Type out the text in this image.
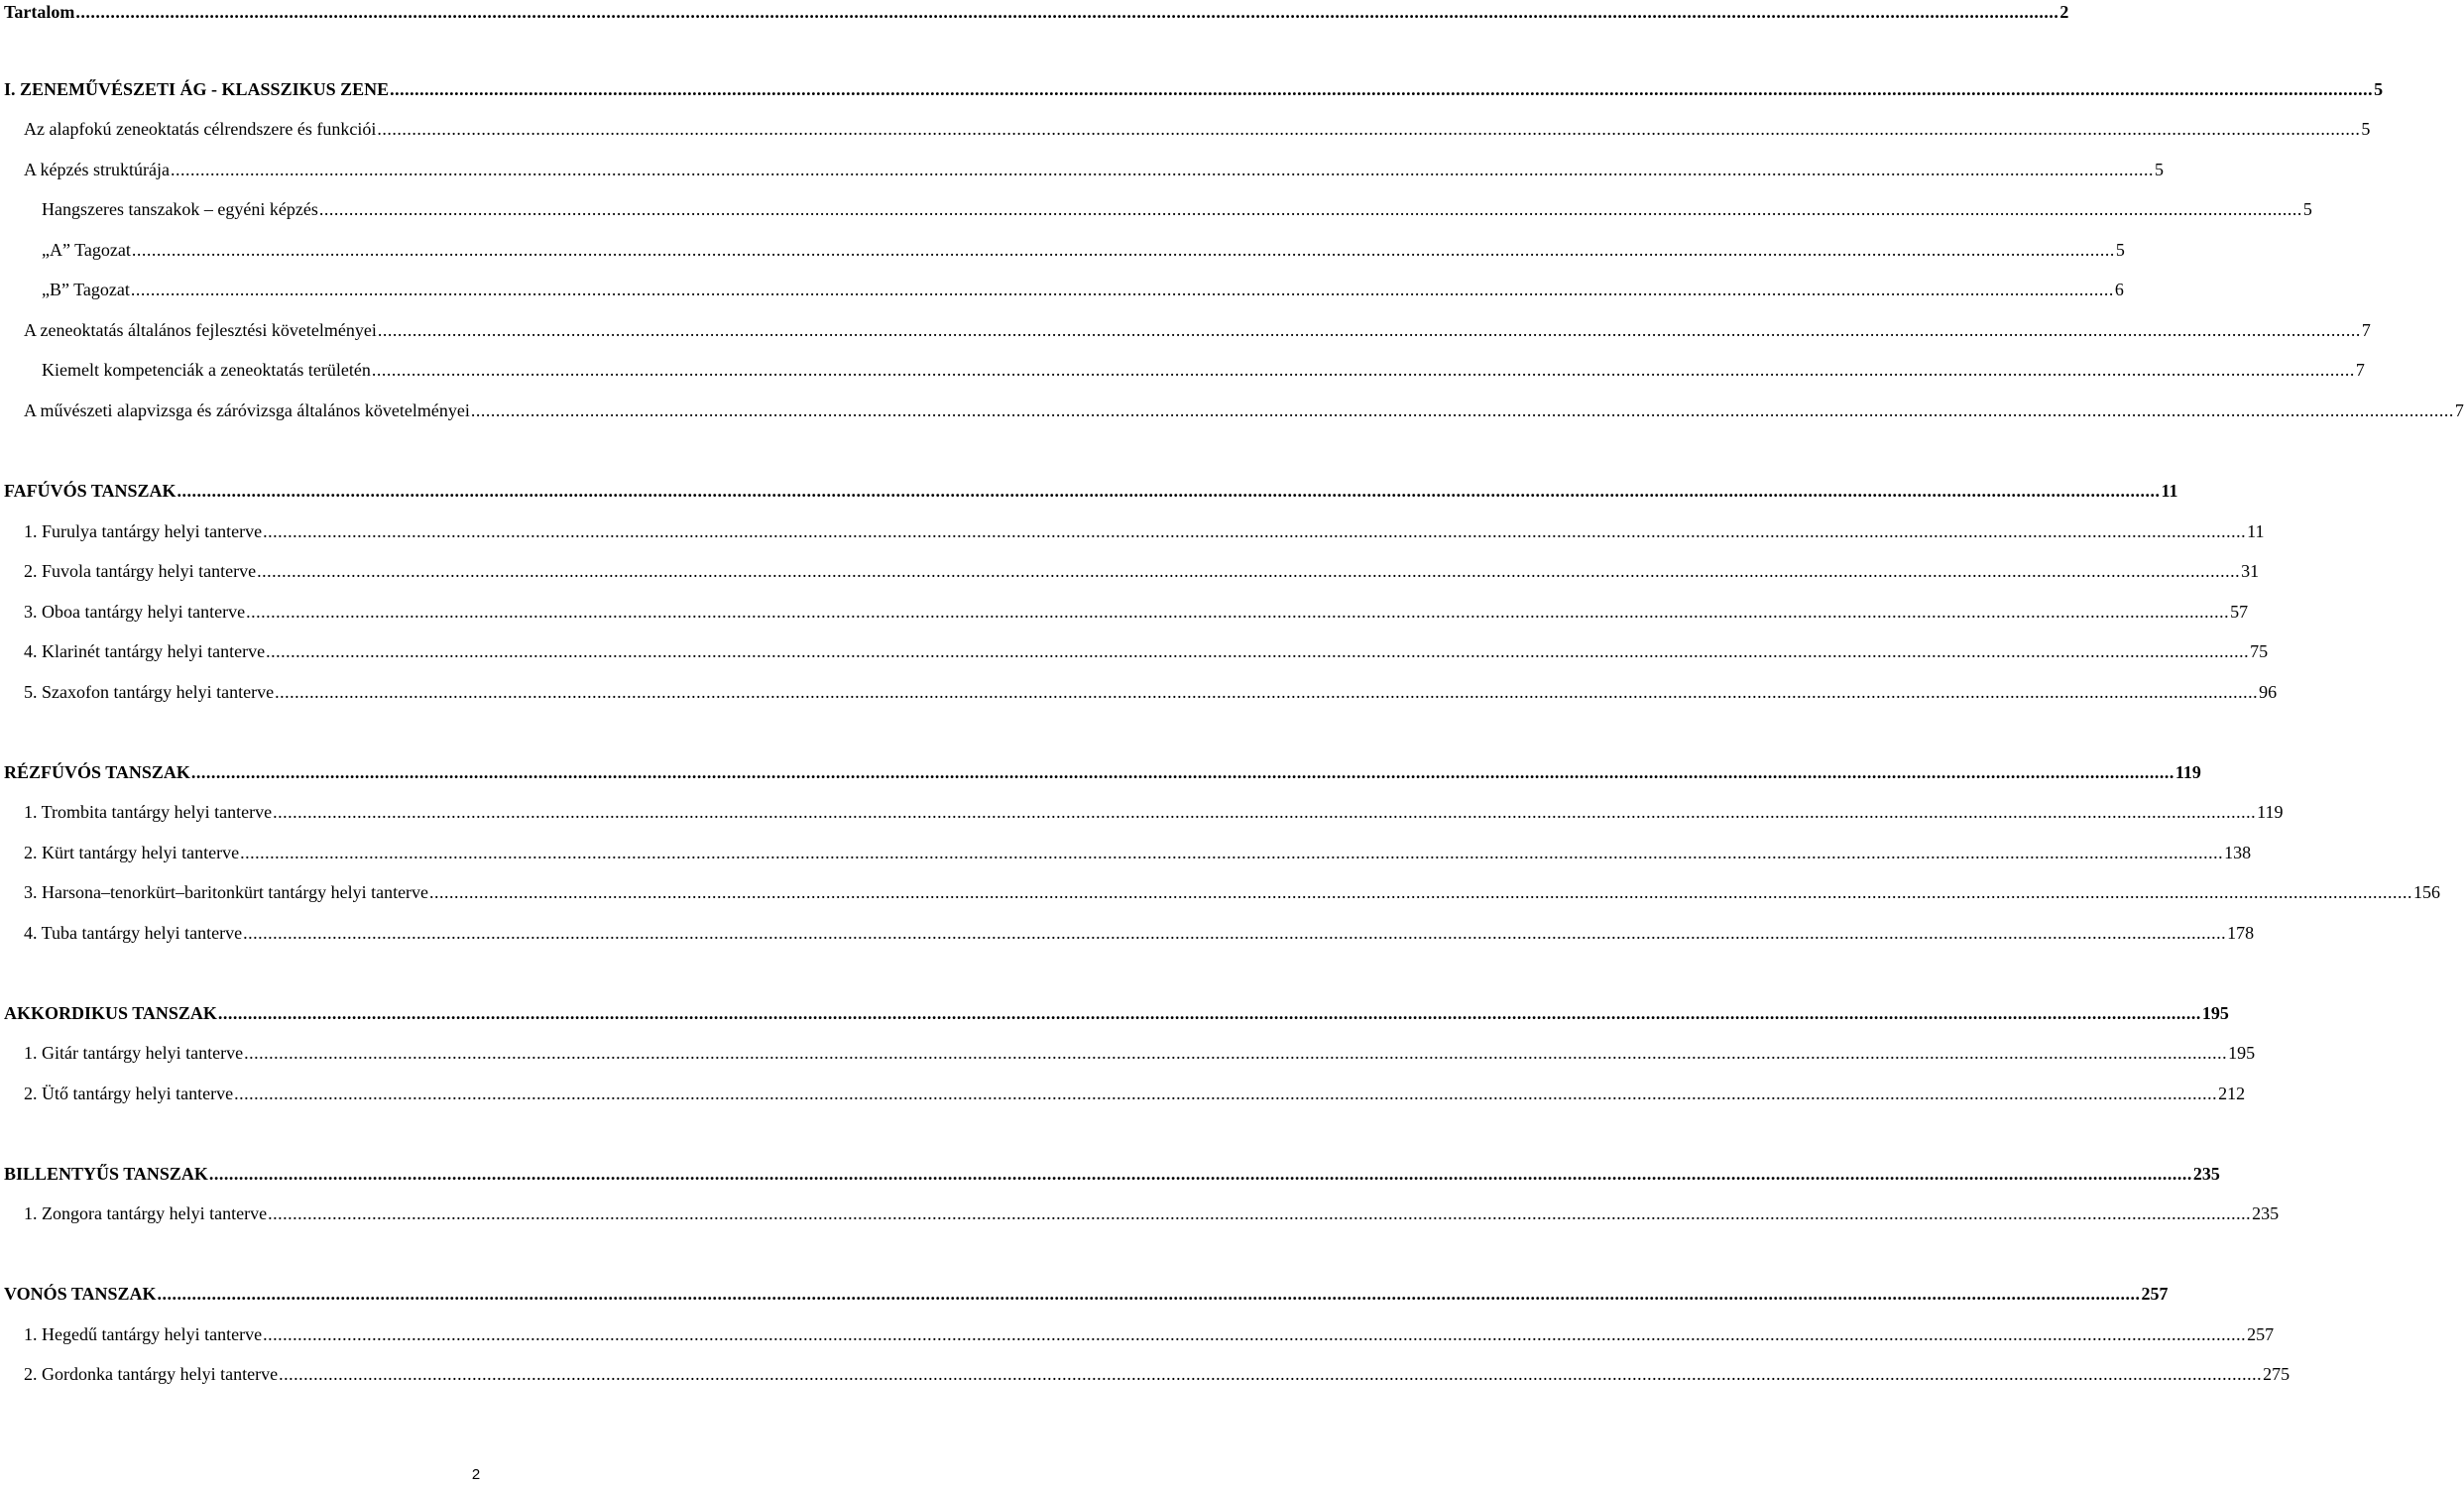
Tartalom ................................................................................................................................................................................................................................................................................................................................................................................................................ 2
I. ZENEMŰVÉSZETI ÁG - KLASSZIKUS ZENE ................................................................................................................................................................................................................................................................................................................................................................................................................ 5
Az alapfokú zeneoktatás célrendszere és funkciói ................................................................................................................................................................................................................................................................................................................................................................................................................ 5
A képzés struktúrája ................................................................................................................................................................................................................................................................................................................................................................................................................ 5
Hangszeres tanszakok – egyéni képzés ................................................................................................................................................................................................................................................................................................................................................................................................................ 5
„A” Tagozat ................................................................................................................................................................................................................................................................................................................................................................................................................ 5
„B” Tagozat ................................................................................................................................................................................................................................................................................................................................................................................................................ 6
A zeneoktatás általános fejlesztési követelményei ................................................................................................................................................................................................................................................................................................................................................................................................................ 7
Kiemelt kompetenciák a zeneoktatás területén ................................................................................................................................................................................................................................................................................................................................................................................................................ 7
A művészeti alapvizsga és záróvizsga általános követelményei ................................................................................................................................................................................................................................................................................................................................................................................................................ 7
FAFÚVÓS TANSZAK ................................................................................................................................................................................................................................................................................................................................................................................................................ 11
1. Furulya tantárgy helyi tanterve ................................................................................................................................................................................................................................................................................................................................................................................................................ 11
2. Fuvola tantárgy helyi tanterve ................................................................................................................................................................................................................................................................................................................................................................................................................ 31
3. Oboa tantárgy helyi tanterve ................................................................................................................................................................................................................................................................................................................................................................................................................ 57
4. Klarinét tantárgy helyi tanterve ................................................................................................................................................................................................................................................................................................................................................................................................................ 75
5. Szaxofon tantárgy helyi tanterve ................................................................................................................................................................................................................................................................................................................................................................................................................ 96
RÉZFÚVÓS TANSZAK ................................................................................................................................................................................................................................................................................................................................................................................................................ 119
1. Trombita tantárgy helyi tanterve ................................................................................................................................................................................................................................................................................................................................................................................................................ 119
2. Kürt tantárgy helyi tanterve ................................................................................................................................................................................................................................................................................................................................................................................................................ 138
3. Harsona–tenorkürt–baritonkürt tantárgy helyi tanterve ................................................................................................................................................................................................................................................................................................................................................................................................................ 156
4. Tuba tantárgy helyi tanterve ................................................................................................................................................................................................................................................................................................................................................................................................................ 178
AKKORDIKUS TANSZAK ................................................................................................................................................................................................................................................................................................................................................................................................................ 195
1. Gitár tantárgy helyi tanterve ................................................................................................................................................................................................................................................................................................................................................................................................................ 195
2. Ütő tantárgy helyi tanterve ................................................................................................................................................................................................................................................................................................................................................................................................................ 212
BILLENTYŰS TANSZAK ................................................................................................................................................................................................................................................................................................................................................................................................................ 235
1. Zongora tantárgy helyi tanterve ................................................................................................................................................................................................................................................................................................................................................................................................................ 235
VONÓS TANSZAK ................................................................................................................................................................................................................................................................................................................................................................................................................ 257
1. Hegedű tantárgy helyi tanterve ................................................................................................................................................................................................................................................................................................................................................................................................................ 257
2. Gordonka tantárgy helyi tanterve ................................................................................................................................................................................................................................................................................................................................................................................................................ 275
2
